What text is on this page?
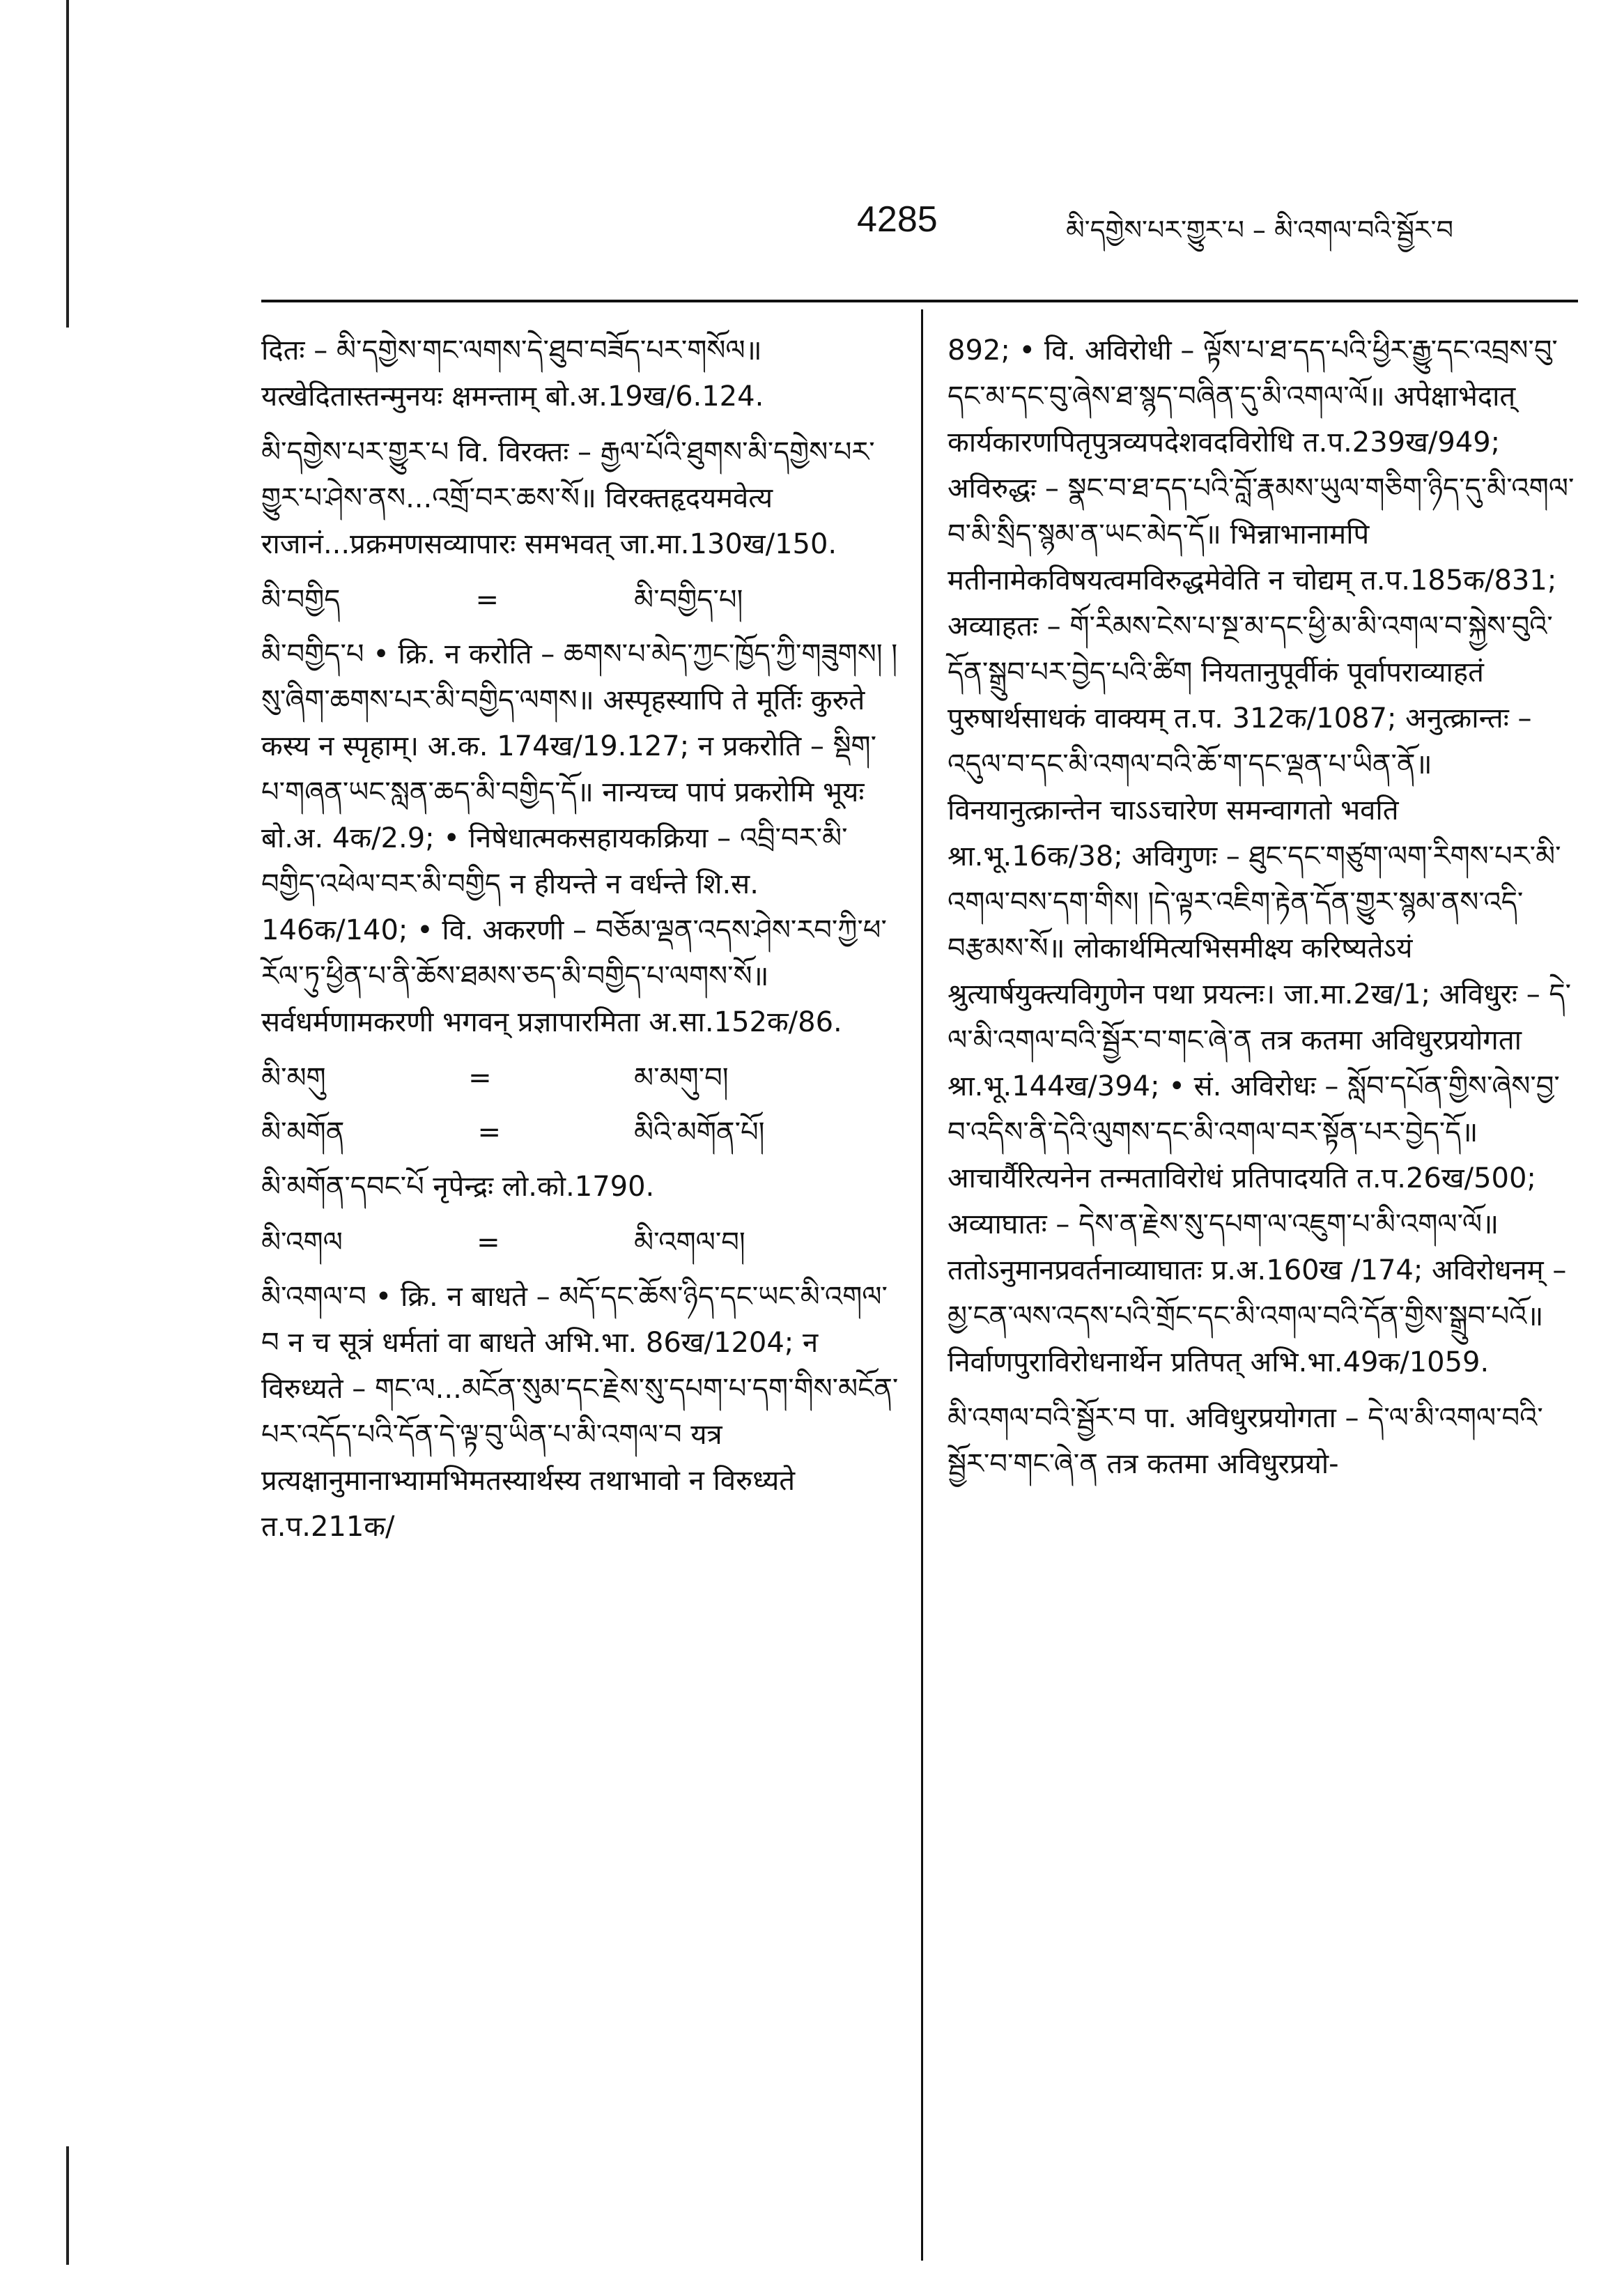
4285	མི་དགྱེས་པར་གྱུར་པ – མི་འགལ་བའི་སྦྱོར་བ

दितः – མི་དགྱེས་གང་ལགས་དེ་ཐུབ་བཟོད་པར་གསོལ॥ यत्खेदितास्तन्मुनयः क्षमन्ताम् बो.अ.19ख/6.124.

མི་དགྱེས་པར་གྱུར་པ वि. विरक्तः – རྒྱལ་པོའི་ཐུགས་མི་དགྱེས་པར་གྱུར་པ་ཤེས་ནས...འགྲོ་བར་ཆས་སོ॥ विरक्तहृदयमवेत्य राजानं...प्रक्रमणसव्यापारः समभवत् जा.मा.130ख/150.

མི་བགྱིད	=	མི་བགྱིད་པ།

མི་བགྱིད་པ • क्रि. न करोति – ཆགས་པ་མེད་ཀྱང་ཁྱོད་ཀྱི་གཟུགས། །སུ་ཞིག་ཆགས་པར་མི་བགྱིད་ལགས॥ अस्पृहस्यापि ते मूर्तिः कुरुते कस्य न स्पृहाम्। अ.क. 174ख/19.127; न प्रकरोति – སྡིག་པ་གཞན་ཡང་སླན་ཆད་མི་བགྱིད་དོ॥ नान्यच्च पापं प्रकरोमि भूयः बो.अ. 4क/2.9; • निषेधात्मकसहायकक्रिया – འབྲི་བར་མི་བགྱིད་འཕེལ་བར་མི་བགྱིད न हीयन्ते न वर्धन्ते शि.स. 146क/140; • वि. अकरणी – བཅོམ་ལྡན་འདས་ཤེས་རབ་ཀྱི་ཕ་རོལ་ཏུ་ཕྱིན་པ་ནི་ཆོས་ཐམས་ཅད་མི་བགྱིད་པ་ལགས་སོ॥ सर्वधर्मणामकरणी भगवन् प्रज्ञापारमिता अ.सा.152क/86.

མི་མགུ	=	མ་མགུ་བ།
མི་མགོན	=	མིའི་མགོན་པོ།

མི་མགོན་དབང་པོ नृपेन्द्रः लो.को.1790.

མི་འགལ	=	མི་འགལ་བ།

མི་འགལ་བ • क्रि. न बाधते – མདོ་དང་ཆོས་ཉིད་དང་ཡང་མི་འགལ་བ न च सूत्रं धर्मतां वा बाधते अभि.भा. 86ख/1204; न विरुध्यते – གང་ལ...མངོན་སུམ་དང་རྗེས་སུ་དཔག་པ་དག་གིས་མངོན་པར་འདོད་པའི་དོན་དེ་ལྟ་བུ་ཡིན་པ་མི་འགལ་བ यत्र प्रत्यक्षानुमानाभ्यामभिमतस्यार्थस्य तथाभावो न विरुध्यते त.प.211क/

892; • वि. अविरोधी – ལྟོས་པ་ཐ་དད་པའི་ཕྱིར་རྒྱུ་དང་འབྲས་བུ་དང་མ་དང་བུ་ཞེས་ཐ་སྙད་བཞིན་དུ་མི་འགལ་ལོ॥ अपेक्षाभेदात् कार्यकारणपितृपुत्रव्यपदेशवदविरोधि त.प.239ख/949; अविरुद्धः – སྣང་བ་ཐ་དད་པའི་བློ་རྣམས་ཡུལ་གཅིག་ཉིད་དུ་མི་འགལ་བ་མི་སྲིད་སྙམ་ན་ཡང་མེད་དོ॥ भिन्नाभानामपि मतीनामेकविषयत्वमविरुद्धमेवेति न चोद्यम् त.प.185क/831; अव्याहतः – གོ་རིམས་ངེས་པ་སྔ་མ་དང་ཕྱི་མ་མི་འགལ་བ་སྐྱེས་བུའི་དོན་སྒྲུབ་པར་བྱེད་པའི་ཚིག नियतानुपूर्वीकं पूर्वापराव्याहतं पुरुषार्थसाधकं वाक्यम् त.प. 312क/1087; अनुत्क्रान्तः – འདུལ་བ་དང་མི་འགལ་བའི་ཆོ་ག་དང་ལྡན་པ་ཡིན་ནོ॥ विनयानुत्क्रान्तेन चाऽऽचारेण समन्वागतो भवति श्रा.भू.16क/38; अविगुणः – ཐུང་དང་གཙུག་ལག་རིགས་པར་མི་འགལ་བས་དག་གིས། །དེ་ལྟར་འཇིག་རྟེན་དོན་གྱུར་སྙམ་ནས་འདི་བརྩམས་སོ॥ लोकार्थमित्यभिसमीक्ष्य करिष्यतेऽयं श्रुत्यार्षयुक्त्यविगुणेन पथा प्रयत्नः। जा.मा.2ख/1; अविधुरः – དེ་ལ་མི་འགལ་བའི་སྦྱོར་བ་གང་ཞེ་ན तत्र कतमा अविधुरप्रयोगता श्रा.भू.144ख/394; • सं. अविरोधः – སློབ་དཔོན་གྱིས་ཞེས་བྱ་བ་འདིས་ནི་དེའི་ལུགས་དང་མི་འགལ་བར་སྟོན་པར་བྱེད་དོ॥ आचार्यैरित्यनेन तन्मताविरोधं प्रतिपादयति त.प.26ख/500; अव्याघातः – དེས་ན་རྗེས་སུ་དཔག་ལ་འཇུག་པ་མི་འགལ་ལོ॥ ततोऽनुमानप्रवर्तनाव्याघातः प्र.अ.160ख /174; अविरोधनम् – མྱ་ངན་ལས་འདས་པའི་གྲོང་དང་མི་འགལ་བའི་དོན་གྱིས་སྒྲུབ་པའོ॥ निर्वाणपुराविरोधनार्थेन प्रतिपत् अभि.भा.49क/1059.

མི་འགལ་བའི་སྦྱོར་བ पा. अविधुरप्रयोगता – དེ་ལ་མི་འགལ་བའི་སྦྱོར་བ་གང་ཞེ་ན तत्र कतमा अविधुरप्रयो-
